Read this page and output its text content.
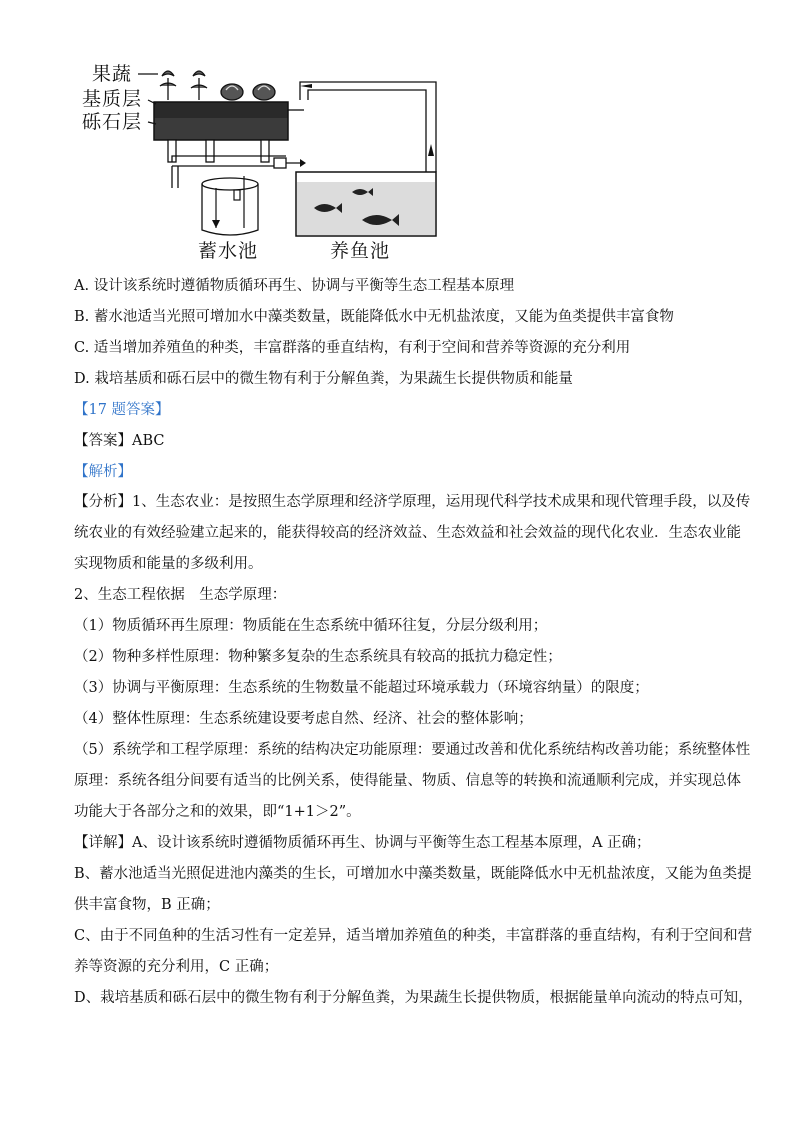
果蔬
基质层
砾石层
蓄水池	养鱼池
A. 设计该系统时遵循物质循环再生、协调与平衡等生态工程基本原理
B. 蓄水池适当光照可增加水中藻类数量，既能降低水中无机盐浓度，又能为鱼类提供丰富食物
C. 适当增加养殖鱼的种类，丰富群落的垂直结构，有利于空间和营养等资源的充分利用
D. 栽培基质和砾石层中的微生物有利于分解鱼粪，为果蔬生长提供物质和能量
【17 题答案】
【答案】ABC
【解析】
【分析】1、生态农业：是按照生态学原理和经济学原理，运用现代科学技术成果和现代管理手段，以及传
统农业的有效经验建立起来的，能获得较高的经济效益、生态效益和社会效益的现代化农业．生态农业能
实现物质和能量的多级利用。
2、生态工程依据　生态学原理：
（1）物质循环再生原理：物质能在生态系统中循环往复，分层分级利用；
（2）物种多样性原理：物种繁多复杂的生态系统具有较高的抵抗力稳定性；
（3）协调与平衡原理：生态系统的生物数量不能超过环境承载力（环境容纳量）的限度；
（4）整体性原理：生态系统建设要考虑自然、经济、社会的整体影响；
（5）系统学和工程学原理：系统的结构决定功能原理：要通过改善和优化系统结构改善功能；系统整体性
原理：系统各组分间要有适当的比例关系，使得能量、物质、信息等的转换和流通顺利完成，并实现总体
功能大于各部分之和的效果，即“1+1＞2”。
【详解】A、设计该系统时遵循物质循环再生、协调与平衡等生态工程基本原理，A 正确；
B、蓄水池适当光照促进池内藻类的生长，可增加水中藻类数量，既能降低水中无机盐浓度，又能为鱼类提
供丰富食物，B 正确；
C、由于不同鱼种的生活习性有一定差异，适当增加养殖鱼的种类，丰富群落的垂直结构，有利于空间和营
养等资源的充分利用，C 正确；
D、栽培基质和砾石层中的微生物有利于分解鱼粪，为果蔬生长提供物质，根据能量单向流动的特点可知，
